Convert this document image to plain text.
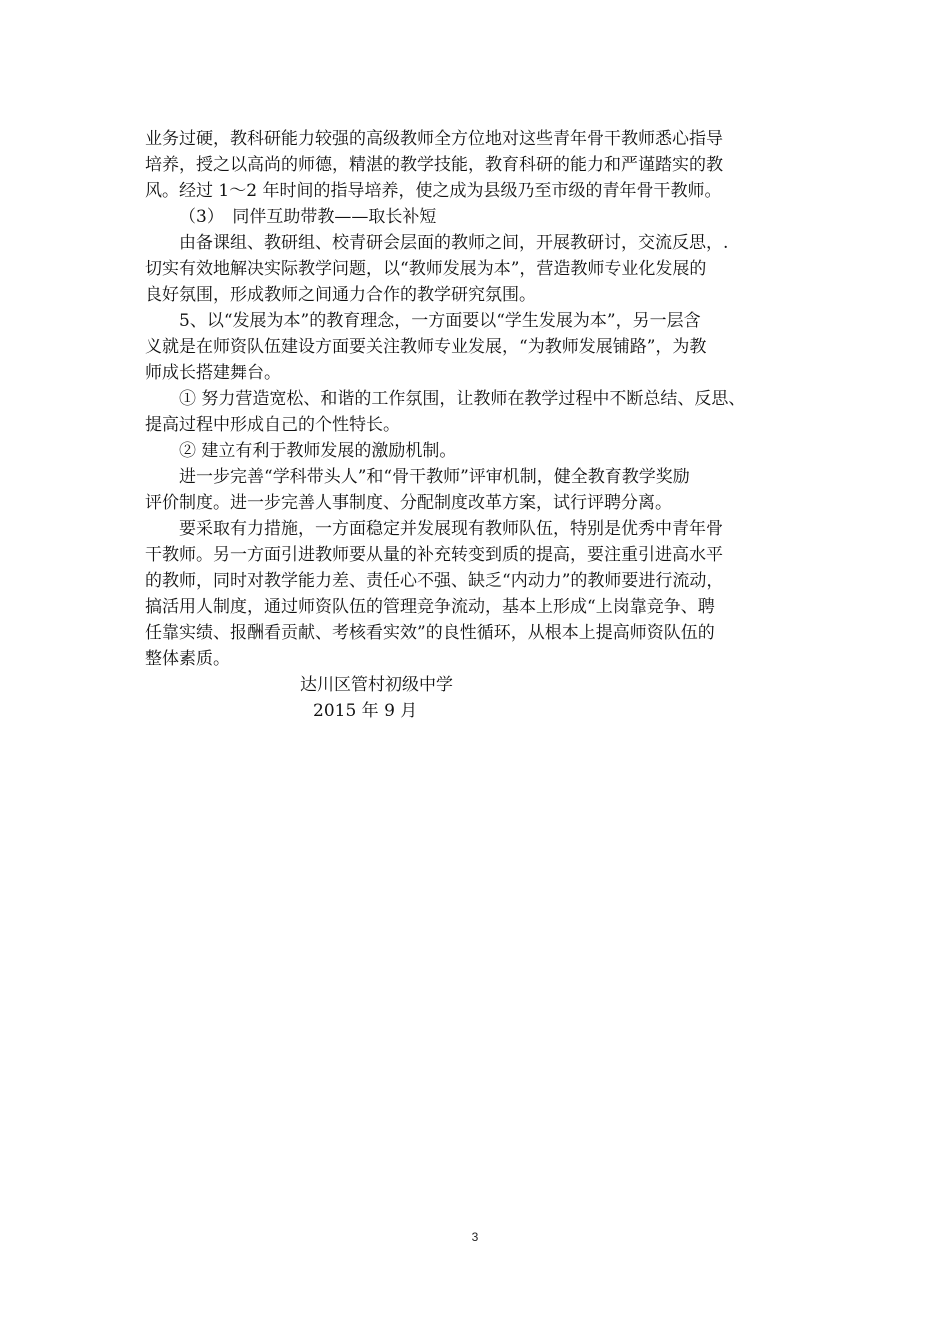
业务过硬，教科研能力较强的高级教师全方位地对这些青年骨干教师悉心指导
培养，授之以高尚的师德，精湛的教学技能，教育科研的能力和严谨踏实的教
风。经过 1～2 年时间的指导培养，使之成为县级乃至市级的青年骨干教师。
（3）　同伴互助带教——取长补短
由备课组、教研组、校青研会层面的教师之间，开展教研讨，交流反思，.
切实有效地解决实际教学问题，以“教师发展为本”，营造教师专业化发展的
良好氛围，形成教师之间通力合作的教学研究氛围。
5、以“发展为本”的教育理念，一方面要以“学生发展为本”，另一层含
义就是在师资队伍建设方面要关注教师专业发展，“为教师发展铺路”，为教
师成长搭建舞台。
① 努力营造宽松、和谐的工作氛围，让教师在教学过程中不断总结、反思、
提高过程中形成自己的个性特长。
② 建立有利于教师发展的激励机制。
进一步完善“学科带头人”和“骨干教师”评审机制，健全教育教学奖励
评价制度。进一步完善人事制度、分配制度改革方案，试行评聘分离。
要采取有力措施，一方面稳定并发展现有教师队伍，特别是优秀中青年骨
干教师。另一方面引进教师要从量的补充转变到质的提高，要注重引进高水平
的教师，同时对教学能力差、责任心不强、缺乏“内动力”的教师要进行流动，
搞活用人制度，通过师资队伍的管理竞争流动，基本上形成“上岗靠竞争、聘
任靠实绩、报酬看贡献、考核看实效”的良性循环，从根本上提高师资队伍的
整体素质。
达川区管村初级中学
2015 年 9 月
3
